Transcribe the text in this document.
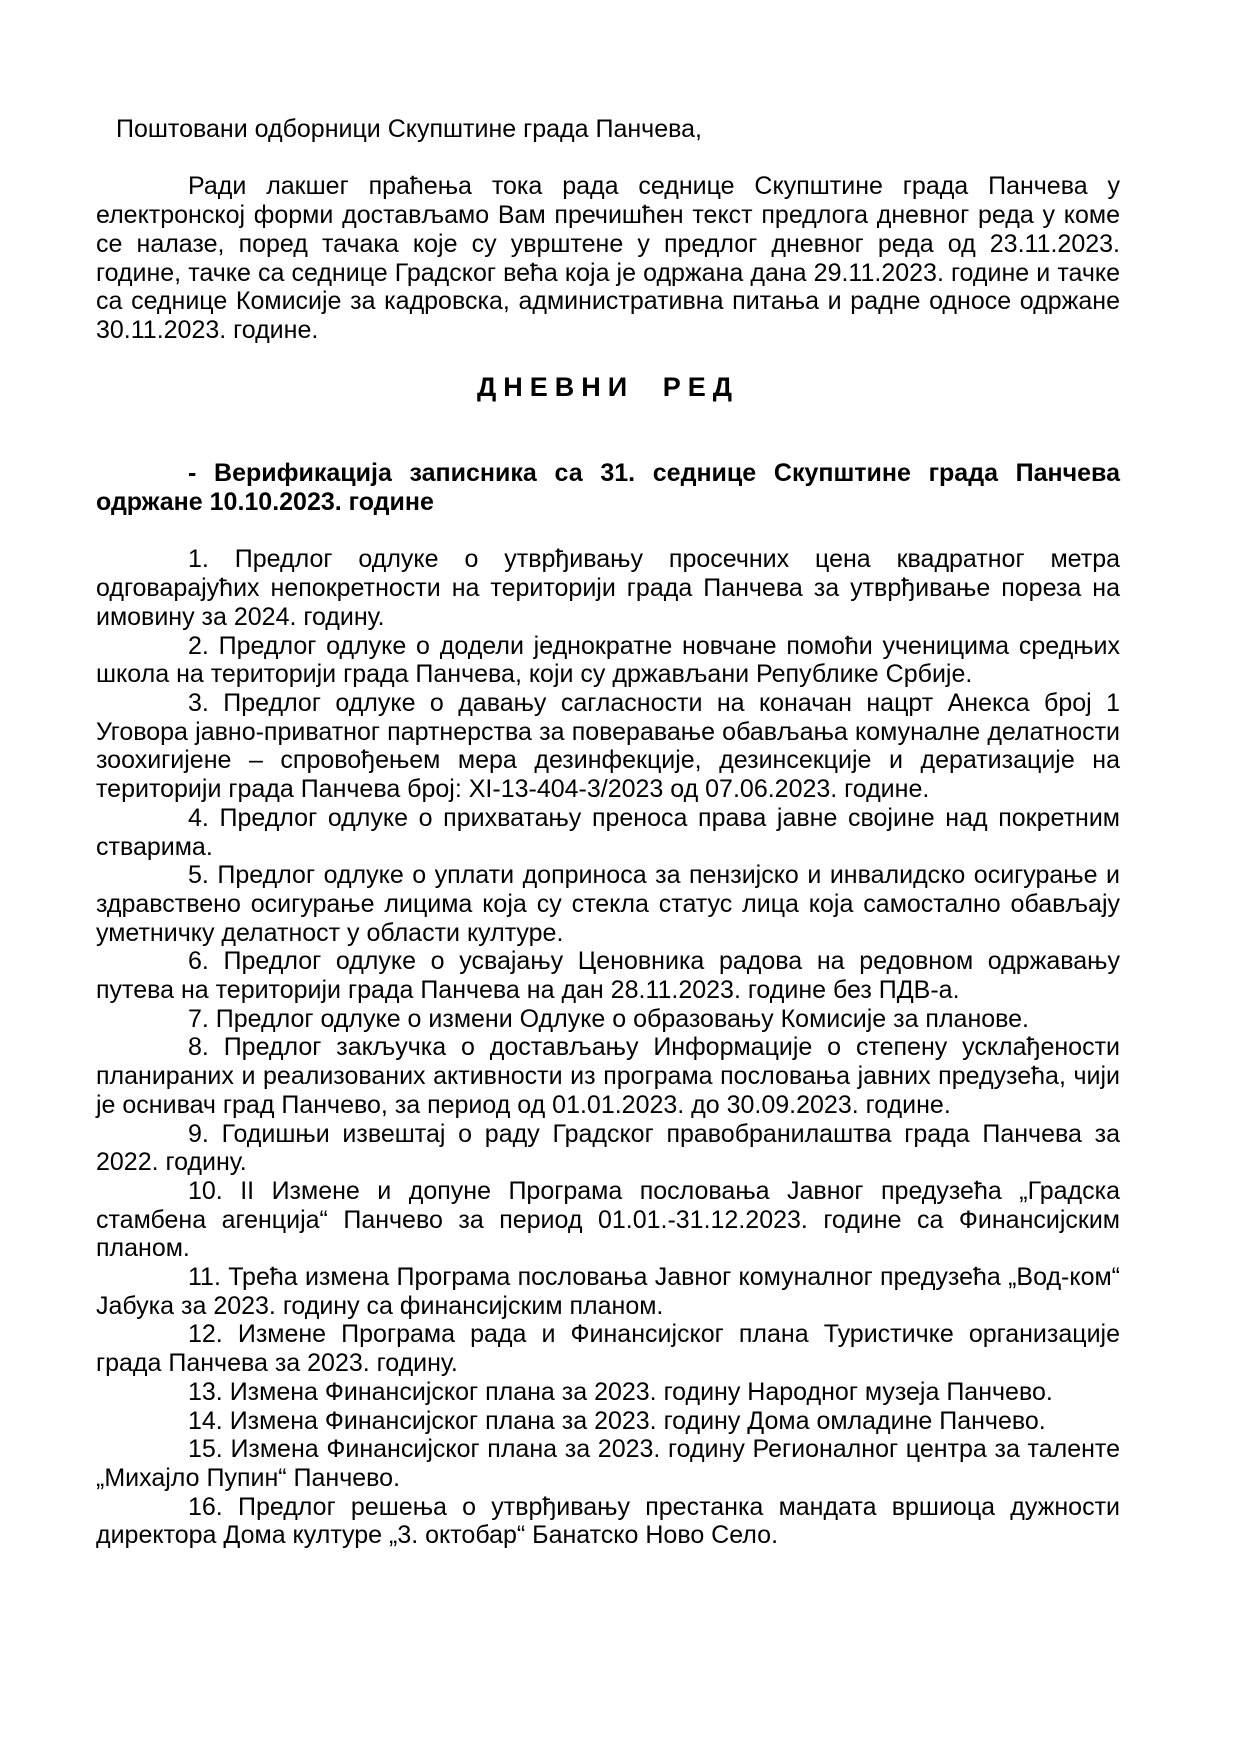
Поштовани одборници Скупштине града Панчева,

Ради лакшег праћења тока рада седнице Скупштине града Панчева у електронској форми достављамо Вам пречишћен текст предлога дневног реда у коме се налазе, поред тачака које су уврштене у предлог дневног реда од 23.11.2023. године, тачке са седнице Градског већа која је одржана дана 29.11.2023. године и тачке са седнице Комисије за кадровска, административна питања и радне односе одржане 30.11.2023. године.

ДНЕВНИ РЕД

- Верификација записника са 31. седнице Скупштине града Панчева одржане 10.10.2023. године

1. Предлог одлуке о утврђивању просечних цена квадратног метра одговарајућих непокретности на територији града Панчева за утврђивање пореза на имовину за 2024. годину.

2. Предлог одлуке о додели једнократне новчане помоћи ученицима средњих школа на територији града Панчева, који су држављани Републике Србије.

3. Предлог одлуке о давању сагласности на коначан нацрт Анекса број 1 Уговора јавно-приватног партнерства за поверавање обављања комуналне делатности зоохигијене – спровођењем мера дезинфекције, дезинсекције и дератизације на територији града Панчева број: XI-13-404-3/2023 од 07.06.2023. године.

4. Предлог одлуке о прихватању преноса права јавне својине над покретним стварима.

5. Предлог одлуке о уплати доприноса за пензијско и инвалидско осигурање и здравствено осигурање лицима која су стекла статус лица која самостално обављају уметничку делатност у области културе.

6. Предлог одлуке о усвајању Ценовника радова на редовном одржавању путева на територији града Панчева на дан 28.11.2023. године без ПДВ-а.

7. Предлог одлуке о измени Одлуке о образовању Комисије за планове.

8. Предлог закључка о достављању Информације о степену усклађености планираних и реализованих активности из програма пословања јавних предузећа, чији је оснивач град Панчево, за период од 01.01.2023. до 30.09.2023. године.

9. Годишњи извештај о раду Градског правобранилаштва града Панчева за 2022. годину.

10. II Измене и допуне Програма пословања Јавног предузећа „Градска стамбена агенција“ Панчево за период 01.01.-31.12.2023. године са Финансијским планом.

11. Трећа измена Програма пословања Јавног комуналног предузећа „Вод-ком“ Јабука за 2023. годину са финансијским планом.

12. Измене Програма рада и Финансијског плана Туристичке организације града Панчева за 2023. годину.

13. Измена Финансијског плана за 2023. годину Народног музеја Панчево.

14. Измена Финансијског плана за 2023. годину Дома омладине Панчево.

15. Измена Финансијског плана за 2023. годину Регионалног центра за таленте „Михајло Пупин“ Панчево.

16. Предлог решења о утврђивању престанка мандата вршиоца дужности директора Дома културе „3. октобар“ Банатско Ново Село.
